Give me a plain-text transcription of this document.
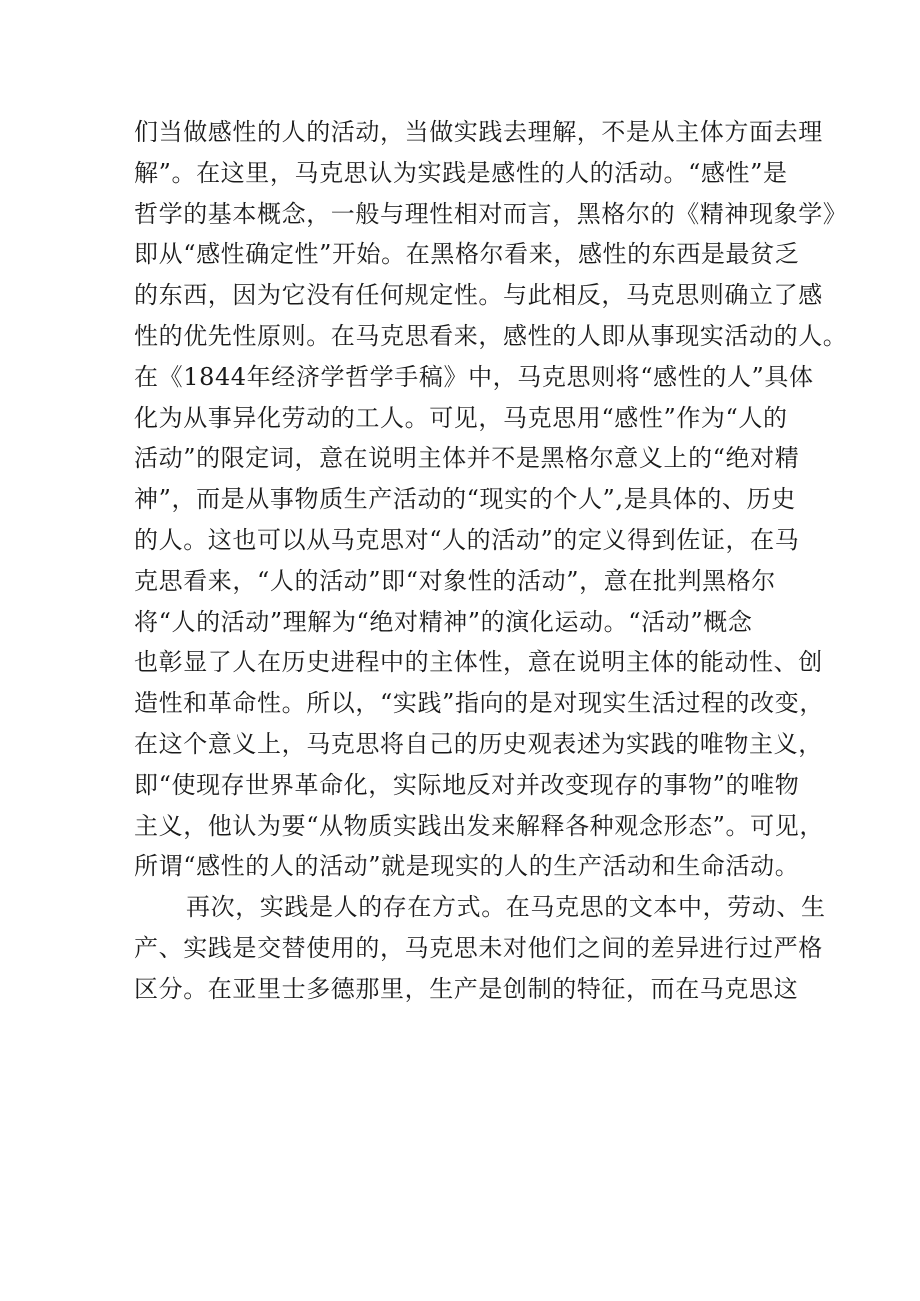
们当做感性的人的活动，当做实践去理解，不是从主体方面去理
解”。在这里，马克思认为实践是感性的人的活动。“感性”是
哲学的基本概念，一般与理性相对而言，黑格尔的《精神现象学》
即从“感性确定性”开始。在黑格尔看来，感性的东西是最贫乏
的东西，因为它没有任何规定性。与此相反，马克思则确立了感
性的优先性原则。在马克思看来，感性的人即从事现实活动的人。
在《1844年经济学哲学手稿》中，马克思则将“感性的人”具体
化为从事异化劳动的工人。可见，马克思用“感性”作为“人的
活动”的限定词，意在说明主体并不是黑格尔意义上的“绝对精
神”，而是从事物质生产活动的“现实的个人”,是具体的、历史
的人。这也可以从马克思对“人的活动”的定义得到佐证，在马
克思看来，“人的活动”即“对象性的活动”，意在批判黑格尔
将“人的活动”理解为“绝对精神”的演化运动。“活动”概念
也彰显了人在历史进程中的主体性，意在说明主体的能动性、创
造性和革命性。所以，“实践”指向的是对现实生活过程的改变，
在这个意义上，马克思将自己的历史观表述为实践的唯物主义，
即“使现存世界革命化，实际地反对并改变现存的事物”的唯物
主义，他认为要“从物质实践出发来解释各种观念形态”。可见，
所谓“感性的人的活动”就是现实的人的生产活动和生命活动。
再次，实践是人的存在方式。在马克思的文本中，劳动、生
产、实践是交替使用的，马克思未对他们之间的差异进行过严格
区分。在亚里士多德那里，生产是创制的特征，而在马克思这
